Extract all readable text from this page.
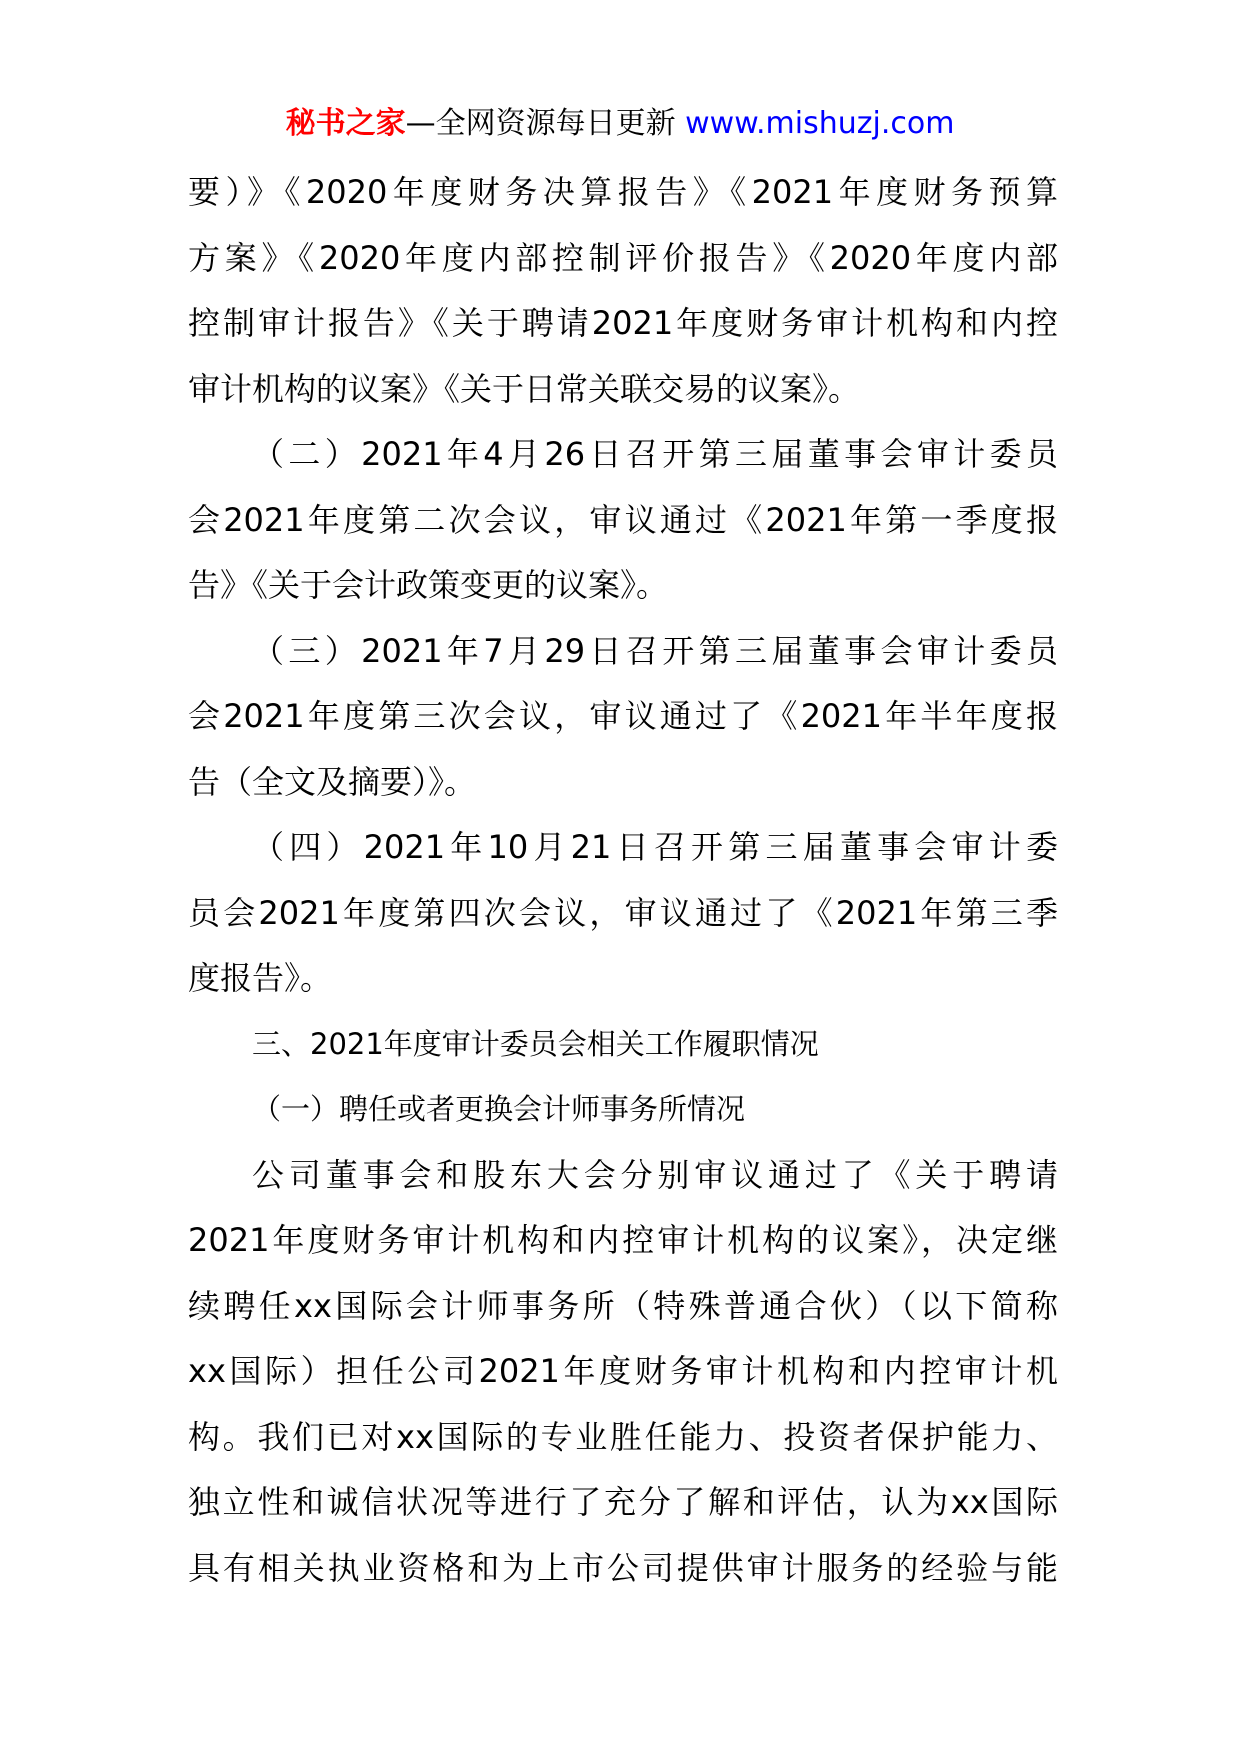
秘书之家—全网资源每日更新 www.mishuzj.com
要）》《2020年度财务决算报告》《2021年度财务预算
方案》《2020年度内部控制评价报告》《2020年度内部
控制审计报告》《关于聘请2021年度财务审计机构和内控
审计机构的议案》《关于日常关联交易的议案》。
（二）2021年4月26日召开第三届董事会审计委员
会2021年度第二次会议，审议通过《2021年第一季度报
告》《关于会计政策变更的议案》。
（三）2021年7月29日召开第三届董事会审计委员
会2021年度第三次会议，审议通过了《2021年半年度报
告（全文及摘要）》。
（四）2021年10月21日召开第三届董事会审计委
员会2021年度第四次会议，审议通过了《2021年第三季
度报告》。
三、2021年度审计委员会相关工作履职情况
（一）聘任或者更换会计师事务所情况
公司董事会和股东大会分别审议通过了《关于聘请
2021年度财务审计机构和内控审计机构的议案》，决定继
续聘任xx国际会计师事务所（特殊普通合伙）（以下简称
xx国际）担任公司2021年度财务审计机构和内控审计机
构。我们已对xx国际的专业胜任能力、投资者保护能力、
独立性和诚信状况等进行了充分了解和评估，认为xx国际
具有相关执业资格和为上市公司提供审计服务的经验与能
